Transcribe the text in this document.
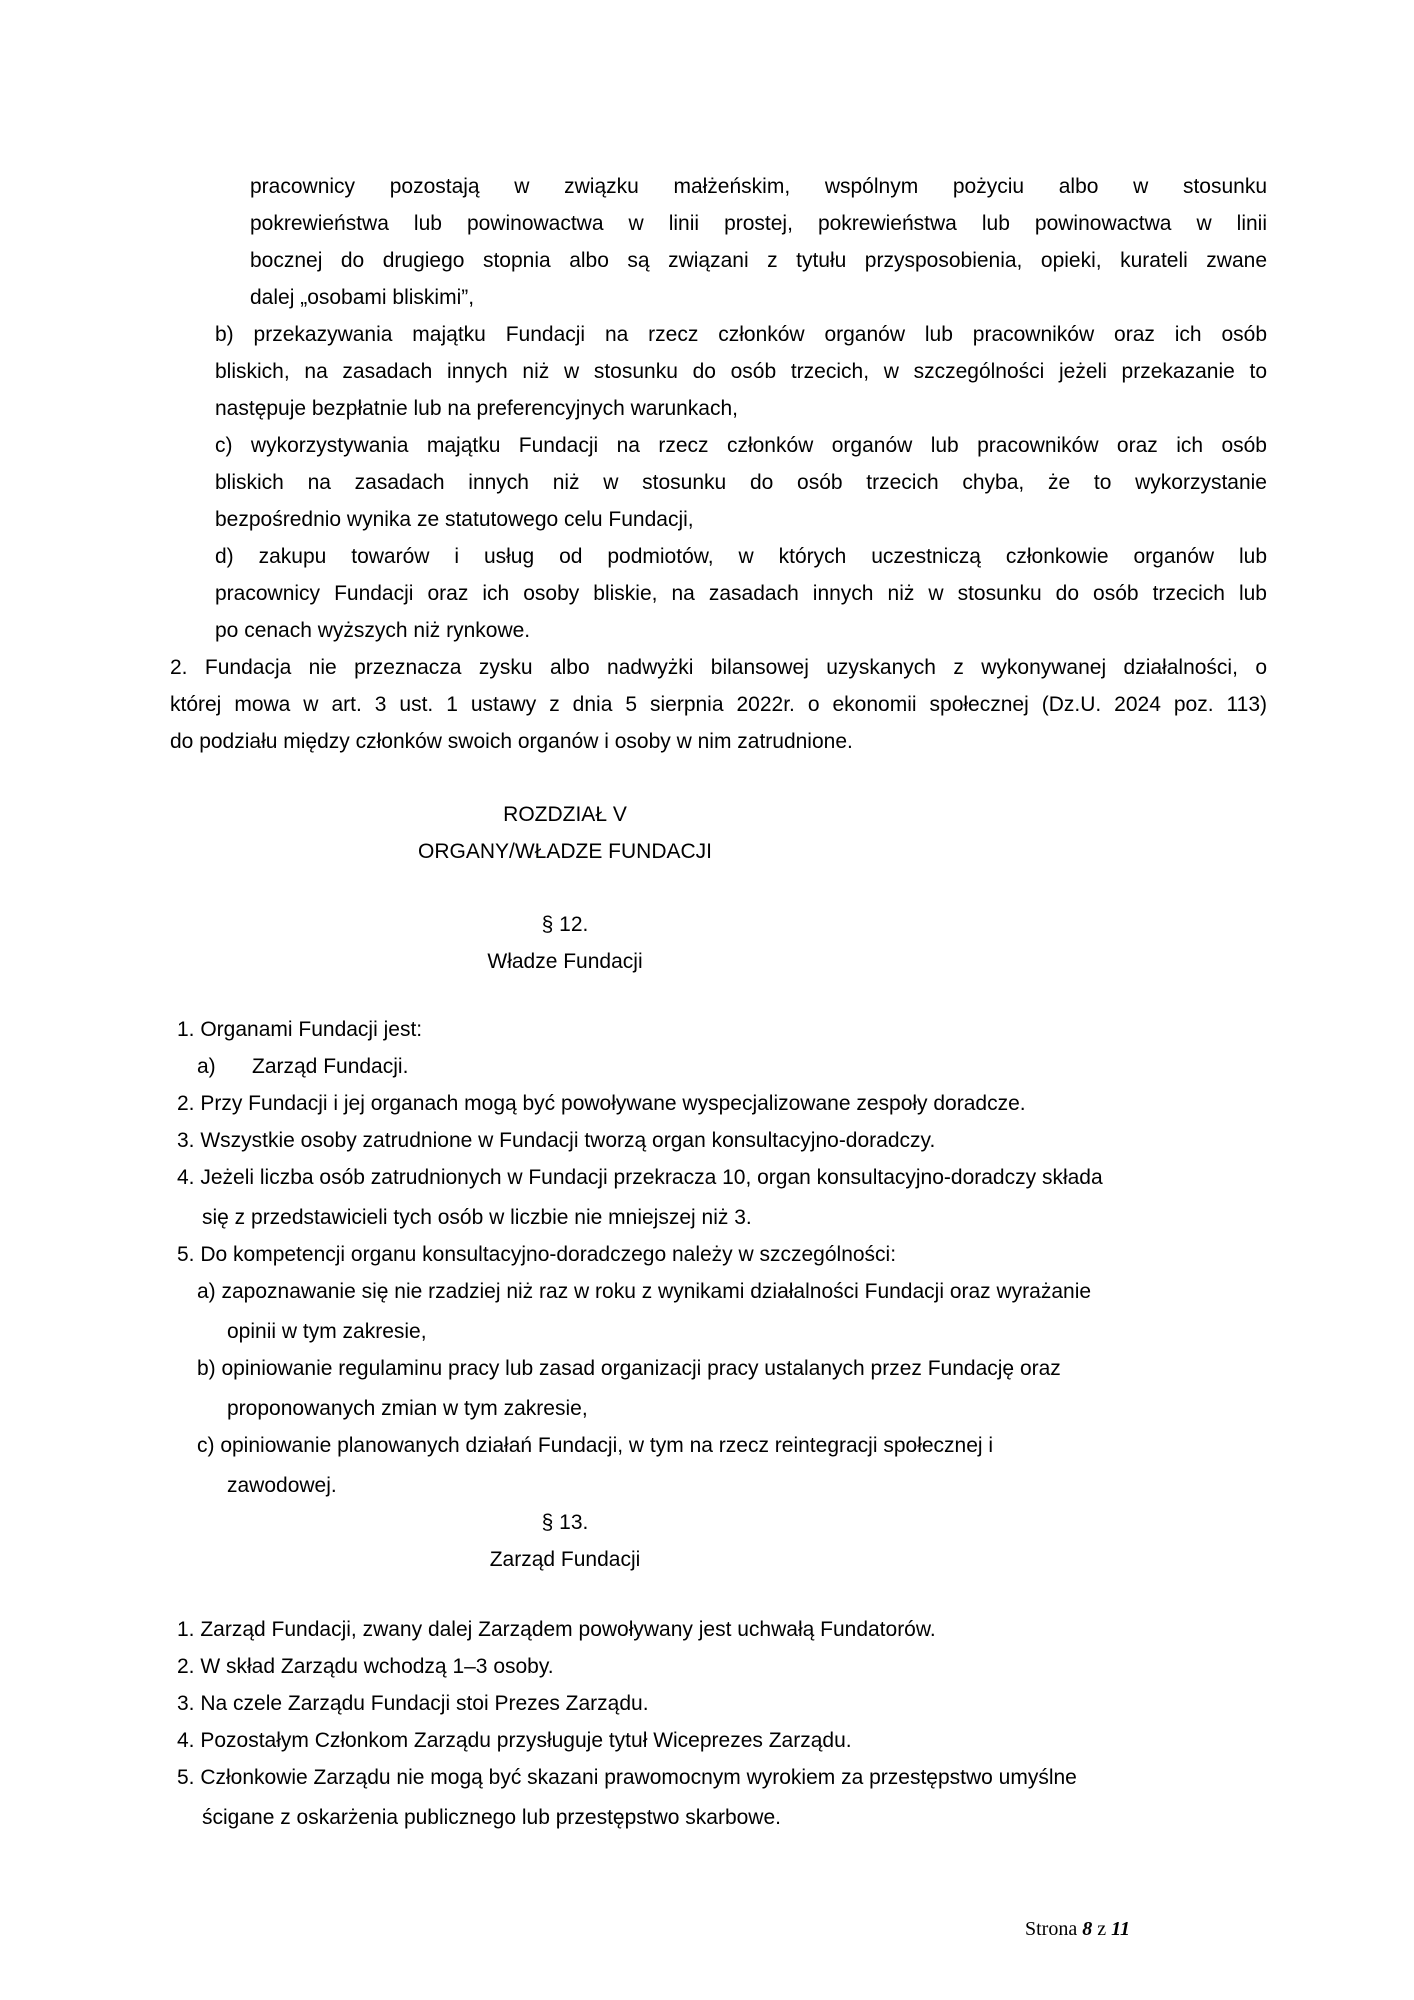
pracownicy pozostają w związku małżeńskim, wspólnym pożyciu albo w stosunku
pokrewieństwa lub powinowactwa w linii prostej, pokrewieństwa lub powinowactwa w linii
bocznej do drugiego stopnia albo są związani z tytułu przysposobienia, opieki, kurateli zwane
dalej „osobami bliskimi”,
b) przekazywania majątku Fundacji na rzecz członków organów lub pracowników oraz ich osób
bliskich, na zasadach innych niż w stosunku do osób trzecich, w szczególności jeżeli przekazanie to
następuje bezpłatnie lub na preferencyjnych warunkach,
c) wykorzystywania majątku Fundacji na rzecz członków organów lub pracowników oraz ich osób
bliskich na zasadach innych niż w stosunku do osób trzecich chyba, że to wykorzystanie
bezpośrednio wynika ze statutowego celu Fundacji,
d) zakupu towarów i usług od podmiotów, w których uczestniczą członkowie organów lub
pracownicy Fundacji oraz ich osoby bliskie, na zasadach innych niż w stosunku do osób trzecich lub
po cenach wyższych niż rynkowe.
2. Fundacja nie przeznacza zysku albo nadwyżki bilansowej uzyskanych z wykonywanej działalności, o
której mowa w art. 3 ust. 1 ustawy z dnia 5 sierpnia 2022r. o ekonomii społecznej (Dz.U. 2024 poz. 113)
do podziału między członków swoich organów i osoby w nim zatrudnione.
ROZDZIAŁ V
ORGANY/WŁADZE FUNDACJI
§ 12.
Władze Fundacji
1. Organami Fundacji jest:
a) Zarząd Fundacji.
2. Przy Fundacji i jej organach mogą być powoływane wyspecjalizowane zespoły doradcze.
3. Wszystkie osoby zatrudnione w Fundacji tworzą organ konsultacyjno-doradczy.
4. Jeżeli liczba osób zatrudnionych w Fundacji przekracza 10, organ konsultacyjno-doradczy składa
się z przedstawicieli tych osób w liczbie nie mniejszej niż 3.
5. Do kompetencji organu konsultacyjno-doradczego należy w szczególności:
a) zapoznawanie się nie rzadziej niż raz w roku z wynikami działalności Fundacji oraz wyrażanie
opinii w tym zakresie,
b) opiniowanie regulaminu pracy lub zasad organizacji pracy ustalanych przez Fundację oraz
proponowanych zmian w tym zakresie,
c) opiniowanie planowanych działań Fundacji, w tym na rzecz reintegracji społecznej i
zawodowej.
§ 13.
Zarząd Fundacji
1. Zarząd Fundacji, zwany dalej Zarządem powoływany jest uchwałą Fundatorów.
2. W skład Zarządu wchodzą 1–3 osoby.
3. Na czele Zarządu Fundacji stoi Prezes Zarządu.
4. Pozostałym Członkom Zarządu przysługuje tytuł Wiceprezes Zarządu.
5. Członkowie Zarządu nie mogą być skazani prawomocnym wyrokiem za przestępstwo umyślne
ścigane z oskarżenia publicznego lub przestępstwo skarbowe.
Strona 8 z 11
